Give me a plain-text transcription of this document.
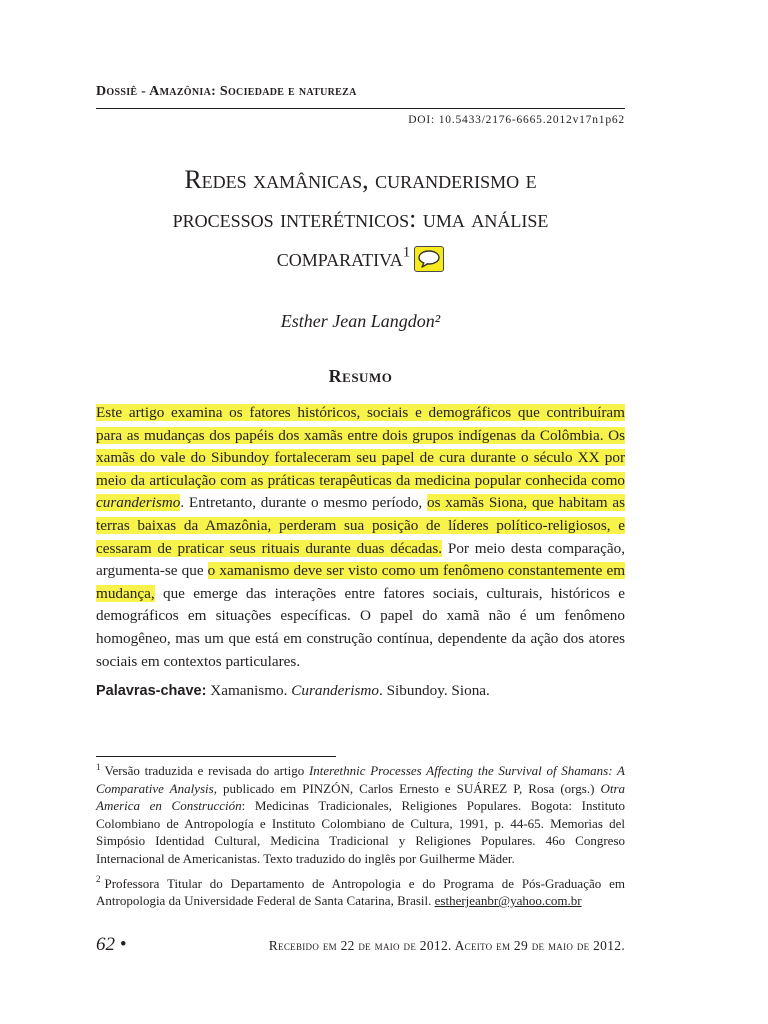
Dossiê - Amazônia: Sociedade e natureza
DOI: 10.5433/2176-6665.2012v17n1p62
Redes xamânicas, curanderismo e
processos interétnicos: uma análise
comparativa$^1$
Esther Jean Langdon²
Resumo
Este artigo examina os fatores históricos, sociais e demográficos que contribuíram para as mudanças dos papéis dos xamãs entre dois grupos indígenas da Colômbia. Os xamãs do vale do Sibundoy fortaleceram seu papel de cura durante o século XX por meio da articulação com as práticas terapêuticas da medicina popular conhecida como curanderismo. Entretanto, durante o mesmo período, os xamãs Siona, que habitam as terras baixas da Amazônia, perderam sua posição de líderes político-religiosos, e cessaram de praticar seus rituais durante duas décadas. Por meio desta comparação, argumenta-se que o xamanismo deve ser visto como um fenômeno constantemente em mudança, que emerge das interações entre fatores sociais, culturais, históricos e demográficos em situações específicas. O papel do xamã não é um fenômeno homogêneo, mas um que está em construção contínua, dependente da ação dos atores sociais em contextos particulares.
Palavras-chave: Xamanismo. Curanderismo. Sibundoy. Siona.

$^1$ Versão traduzida e revisada do artigo Interethnic Processes Affecting the Survival of Shamans: A Comparative Analysis, publicado em PINZÓN, Carlos Ernesto e SUÁREZ P, Rosa (orgs.) Otra America en Construcción: Medicinas Tradicionales, Religiones Populares. Bogota: Instituto Colombiano de Antropología e Instituto Colombiano de Cultura, 1991, p. 44-65. Memorias del Simpósio Identidad Cultural, Medicina Tradicional y Religiones Populares. 46o Congreso Internacional de Americanistas. Texto traduzido do inglês por Guilherme Mäder.

$^2$ Professora Titular do Departamento de Antropologia e do Programa de Pós-Graduação em Antropologia da Universidade Federal de Santa Catarina, Brasil. estherjeanbr@yahoo.com.br

62 •	Recebido em 22 de maio de 2012. Aceito em 29 de maio de 2012.
